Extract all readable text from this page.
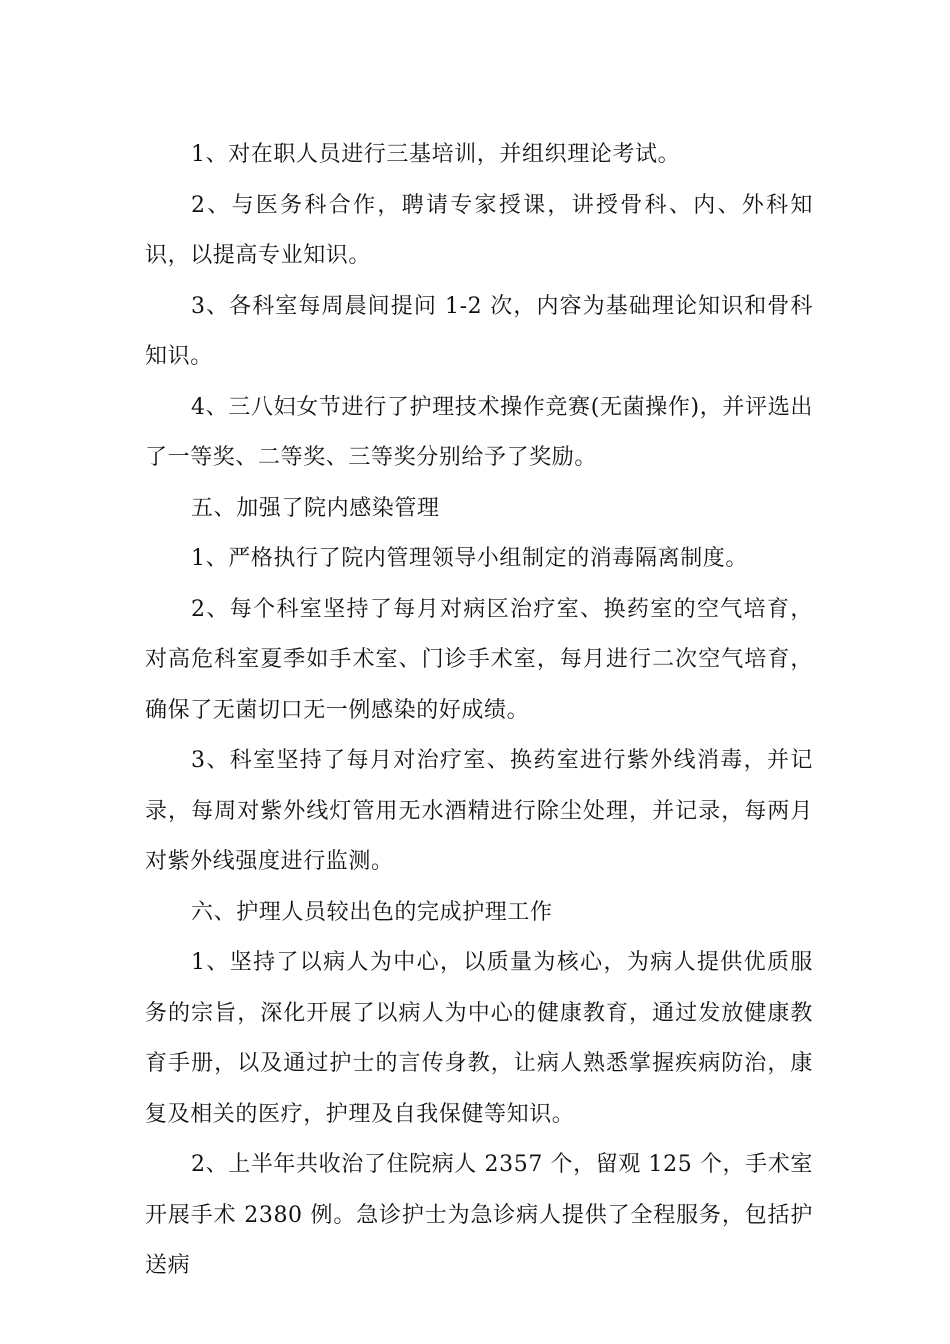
1、对在职人员进行三基培训，并组织理论考试。

2、与医务科合作，聘请专家授课，讲授骨科、内、外科知识，以提高专业知识。

3、各科室每周晨间提问 1-2 次，内容为基础理论知识和骨科知识。

4、三八妇女节进行了护理技术操作竞赛(无菌操作)，并评选出了一等奖、二等奖、三等奖分别给予了奖励。

五、加强了院内感染管理

1、严格执行了院内管理领导小组制定的消毒隔离制度。

2、每个科室坚持了每月对病区治疗室、换药室的空气培育，对高危科室夏季如手术室、门诊手术室，每月进行二次空气培育，确保了无菌切口无一例感染的好成绩。

3、科室坚持了每月对治疗室、换药室进行紫外线消毒，并记录，每周对紫外线灯管用无水酒精进行除尘处理，并记录，每两月对紫外线强度进行监测。

六、护理人员较出色的完成护理工作

1、坚持了以病人为中心，以质量为核心，为病人提供优质服务的宗旨，深化开展了以病人为中心的健康教育，通过发放健康教育手册，以及通过护士的言传身教，让病人熟悉掌握疾病防治，康复及相关的医疗，护理及自我保健等知识。

2、上半年共收治了住院病人 2357 个，留观 125 个，手术室开展手术 2380 例。急诊护士为急诊病人提供了全程服务，包括护送病
